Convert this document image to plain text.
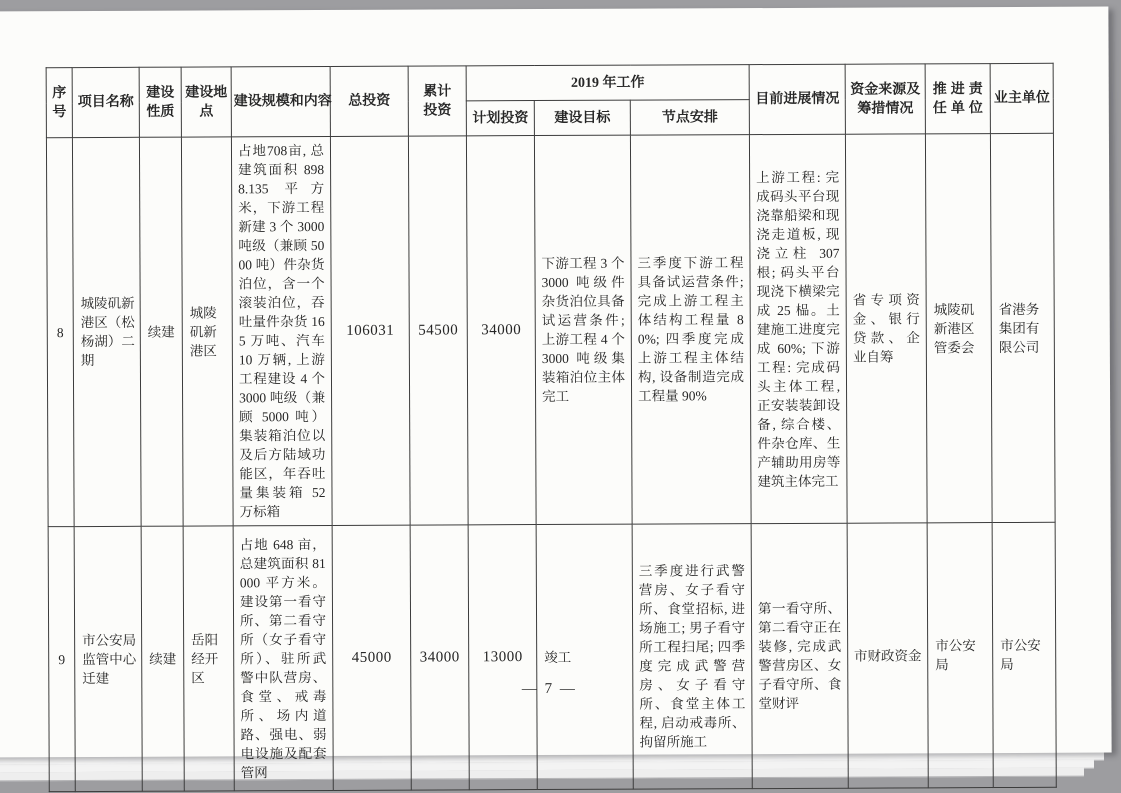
序号	项目名称	建设性质	建设地点	建设规模和内容	总投资	累计投资	2019 年工作			目前进展情况	资金来源及筹措情况	推进责任单位	业主单位
							计划投资	建设目标	节点安排				
8	城陵矶新港区（松杨湖）二期	续建	城陵矶新港区	占地708亩, 总建筑面积 8988.135 平方米，下游工程新建 3 个 3000 吨级（兼顾 5000 吨）件杂货泊位，含一个滚装泊位，吞吐量件杂货 165 万吨、汽车 10 万辆, 上游工程建设 4 个 3000 吨级（兼顾 5000 吨）集装箱泊位以及后方陆域功能区，年吞吐量集装箱 52 万标箱	106031	54500	34000	下游工程 3 个 3000 吨级件杂货泊位具备试运营条件; 上游工程 4 个 3000 吨级集装箱泊位主体完工	三季度下游工程具备试运营条件; 完成上游工程主体结构工程量 80%; 四季度完成上游工程主体结构, 设备制造完成工程量 90%	上游工程: 完成码头平台现浇靠船梁和现浇走道板, 现浇立柱 307 根; 码头平台现浇下横梁完成 25 榀。土建施工进度完成 60%; 下游工程: 完成码头主体工程, 正安装装卸设备, 综合楼、件杂仓库、生产辅助用房等建筑主体完工	省专项资金、银行贷款、企业自筹	城陵矶新港区管委会	省港务集团有限公司
9	市公安局监管中心迁建	续建	岳阳经开区	占地 648 亩，总建筑面积 81000 平方米。建设第一看守所、第二看守所（女子看守所）、驻所武警中队营房、食堂、戒毒所、场内道路、强电、弱电设施及配套管网	45000	34000	13000	竣工	三季度进行武警营房、女子看守所、食堂招标, 进场施工; 男子看守所工程扫尾; 四季度完成武警营房、女子看守所、食堂主体工程, 启动戒毒所、拘留所施工	第一看守所、第二看守正在装修, 完成武警营房区、女子看守所、食堂财评	市财政资金	市公安局	市公安局
— 7 —
